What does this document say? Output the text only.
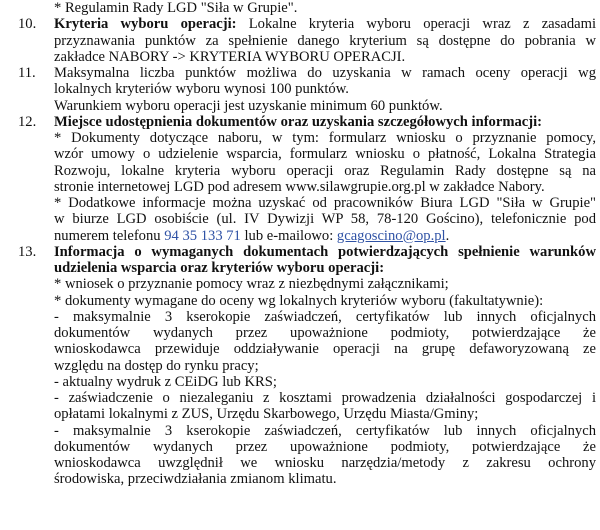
* Regulamin Rady LGD "Siła w Grupie".
10.	Kryteria wyboru operacji: Lokalne kryteria wyboru operacji wraz z zasadami
przyznawania punktów za spełnienie danego kryterium są dostępne do pobrania w
zakładce NABORY -> KRYTERIA WYBORU OPERACJI.
11.	Maksymalna liczba punktów możliwa do uzyskania w ramach oceny operacji wg
lokalnych kryteriów wyboru wynosi 100 punktów.
Warunkiem wyboru operacji jest uzyskanie minimum 60 punktów.
12.	Miejsce udostępnienia dokumentów oraz uzyskania szczegółowych informacji:
* Dokumenty dotyczące naboru, w tym: formularz wniosku o przyznanie pomocy,
wzór umowy o udzielenie wsparcia, formularz wniosku o płatność, Lokalna Strategia
Rozwoju, lokalne kryteria wyboru operacji oraz Regulamin Rady dostępne są na
stronie internetowej LGD pod adresem www.silawgrupie.org.pl w zakładce Nabory.
* Dodatkowe informacje można uzyskać od pracowników Biura LGD "Siła w Grupie"
w biurze LGD osobiście (ul. IV Dywizji WP 58, 78-120 Gościno), telefonicznie pod
numerem telefonu 94 35 133 71 lub e-mailowo: gcagoscino@op.pl.
13.	Informacja o wymaganych dokumentach potwierdzających spełnienie warunków
udzielenia wsparcia oraz kryteriów wyboru operacji:
* wniosek o przyznanie pomocy wraz z niezbędnymi załącznikami;
* dokumenty wymagane do oceny wg lokalnych kryteriów wyboru (fakultatywnie):
- maksymalnie 3 kserokopie zaświadczeń, certyfikatów lub innych oficjalnych
dokumentów wydanych przez upoważnione podmioty, potwierdzające że
wnioskodawca przewiduje oddziaływanie operacji na grupę defaworyzowaną ze
względu na dostęp do rynku pracy;
- aktualny wydruk z CEiDG lub KRS;
- zaświadczenie o niezaleganiu z kosztami prowadzenia działalności gospodarczej i
opłatami lokalnymi z ZUS, Urzędu Skarbowego, Urzędu Miasta/Gminy;
- maksymalnie 3 kserokopie zaświadczeń, certyfikatów lub innych oficjalnych
dokumentów wydanych przez upoważnione podmioty, potwierdzające że
wnioskodawca uwzględnił we wniosku narzędzia/metody z zakresu ochrony
środowiska, przeciwdziałania zmianom klimatu.
